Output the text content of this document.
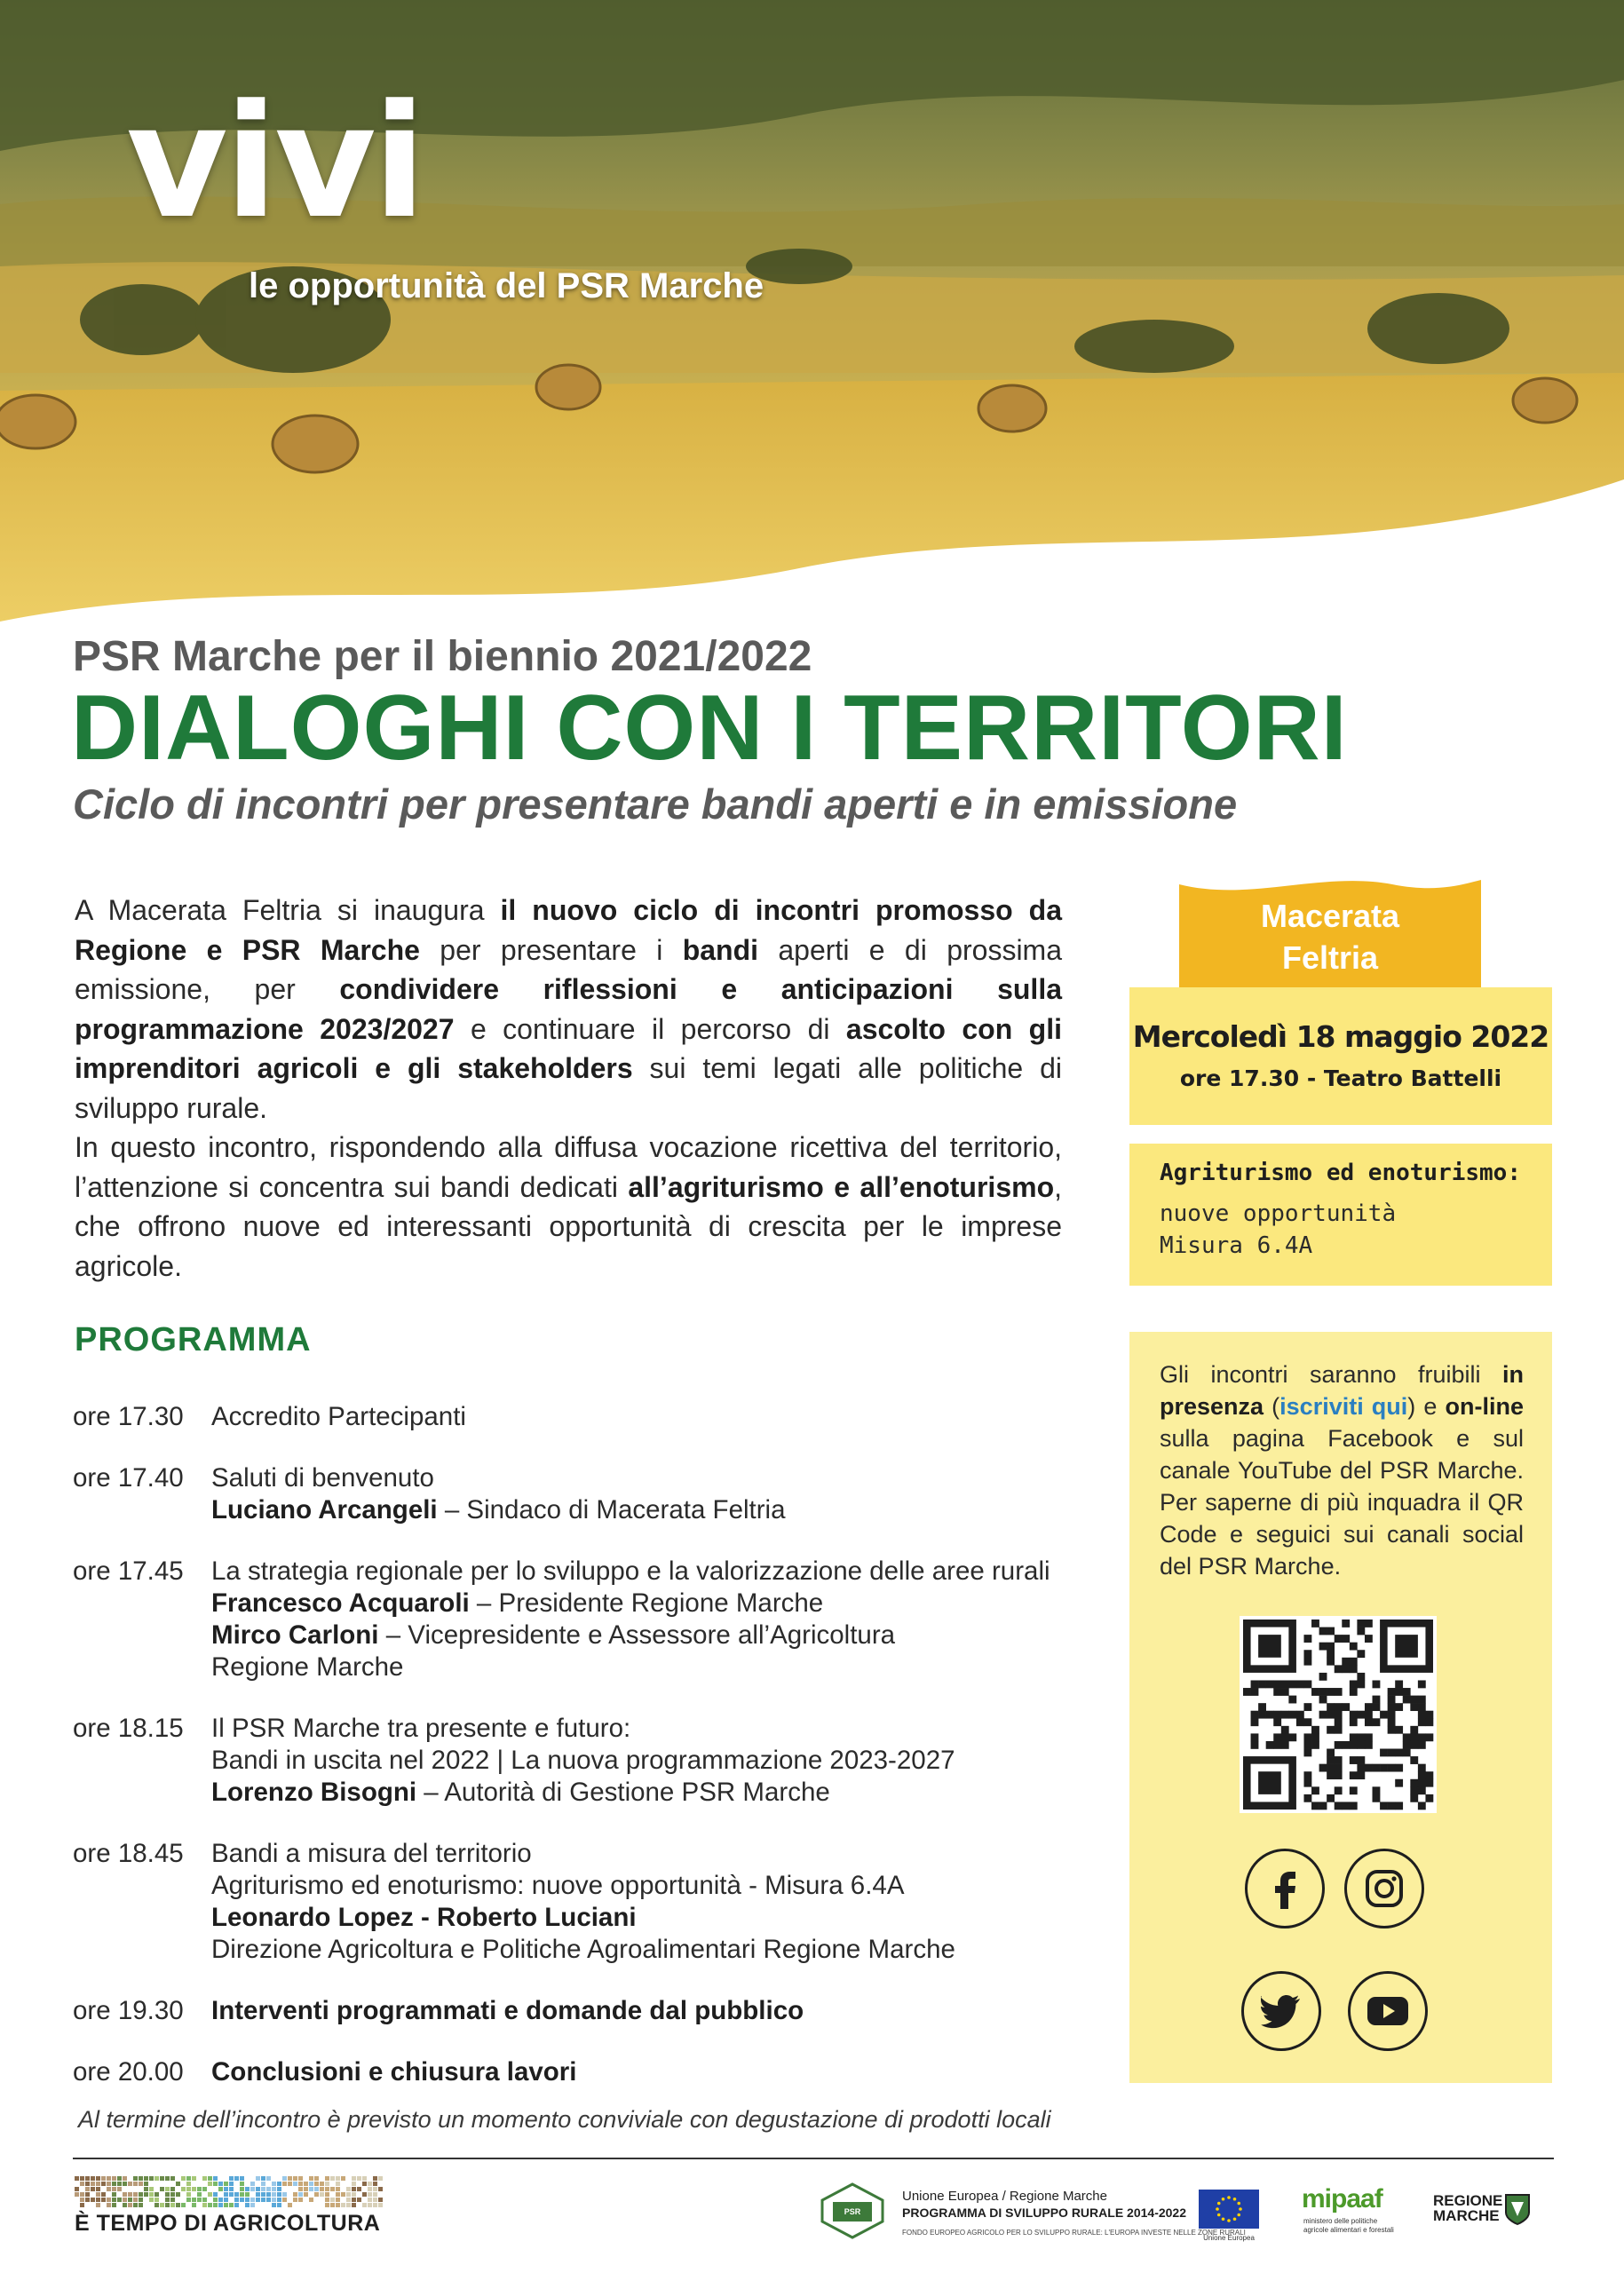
vivi
le opportunità del PSR Marche
PSR Marche per il biennio 2021/2022
DIALOGHI CON I TERRITORI
Ciclo di incontri per presentare bandi aperti e in emissione

A Macerata Feltria si inaugura il nuovo ciclo di incontri promosso da Regione e PSR Marche per presentare i bandi aperti e di prossima emissione, per condividere riflessioni e anticipazioni sulla programmazione 2023/2027 e continuare il percorso di ascolto con gli imprenditori agricoli e gli stakeholders sui temi legati alle politiche di sviluppo rurale.

In questo incontro, rispondendo alla diffusa vocazione ricettiva del territorio, l’attenzione si concentra sui bandi dedicati all’agriturismo e all’enoturismo, che offrono nuove ed interessanti opportunità di crescita per le imprese agricole.

PROGRAMMA
ore 17.30	Accredito Partecipanti
ore 17.40	Saluti di benvenuto
Luciano Arcangeli – Sindaco di Macerata Feltria
ore 17.45	La strategia regionale per lo sviluppo e la valorizzazione delle aree rurali
Francesco Acquaroli – Presidente Regione Marche
Mirco Carloni – Vicepresidente e Assessore all’Agricoltura
Regione Marche
ore 18.15	Il PSR Marche tra presente e futuro:
Bandi in uscita nel 2022 | La nuova programmazione 2023-2027
Lorenzo Bisogni – Autorità di Gestione PSR Marche
ore 18.45	Bandi a misura del territorio
Agriturismo ed enoturismo: nuove opportunità - Misura 6.4A
Leonardo Lopez - Roberto Luciani
Direzione Agricoltura e Politiche Agroalimentari Regione Marche
ore 19.30	Interventi programmati e domande dal pubblico
ore 20.00	Conclusioni e chiusura lavori
Al termine dell’incontro è previsto un momento conviviale con degustazione di prodotti locali
Macerata
Feltria
Mercoledì 18 maggio 2022
ore 17.30 - Teatro Battelli
Agriturismo ed enoturismo:
nuove opportunità
Misura 6.4A
Gli incontri saranno fruibili in presenza (iscriviti qui) e on-line sulla pagina Facebook e sul canale YouTube del PSR Marche. Per saperne di più inquadra il QR Code e seguici sui canali social del PSR Marche.
È TEMPO DI AGRICOLTURA	PSR
Unione Europea / Regione Marche
PROGRAMMA DI SVILUPPO RURALE 2014-2022
FONDO EUROPEO AGRICOLO PER LO SVILUPPO RURALE: L'EUROPA INVESTE NELLE ZONE RURALI
Unione Europea
mipaaf
ministero delle politiche agricole alimentari e forestali
REGIONE MARCHE
